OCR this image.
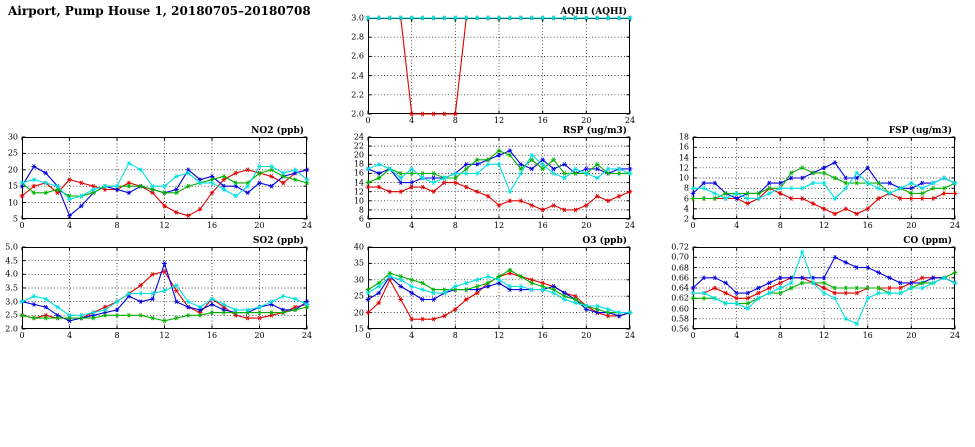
Airport, Pump House 1, 20180705–20180708	AQHI (AQHI)
0	4	8	12	16	20	24
2.0
2.2
2.4
2.6
2.8
3.0
NO2 (ppb)
0	4	8	12	16	20	24
5
10
15
20
25
30
RSP (ug/m3)
0	4	8	12	16	20	24
6
8
10
12
14
16
18
20
22
24
FSP (ug/m3)
0	4	8	12	16	20	24
2
4
6
8
10
12
14
16
18
SO2 (ppb)
0	4	8	12	16	20	24
2.0
2.5
3.0
3.5
4.0
4.5
5.0
O3 (ppb)
0	4	8	12	16	20	24
15
20
25
30
35
40
CO (ppm)
0	4	8	12	16	20	24
0.56
0.58
0.60
0.62
0.64
0.66
0.68
0.70
0.72
